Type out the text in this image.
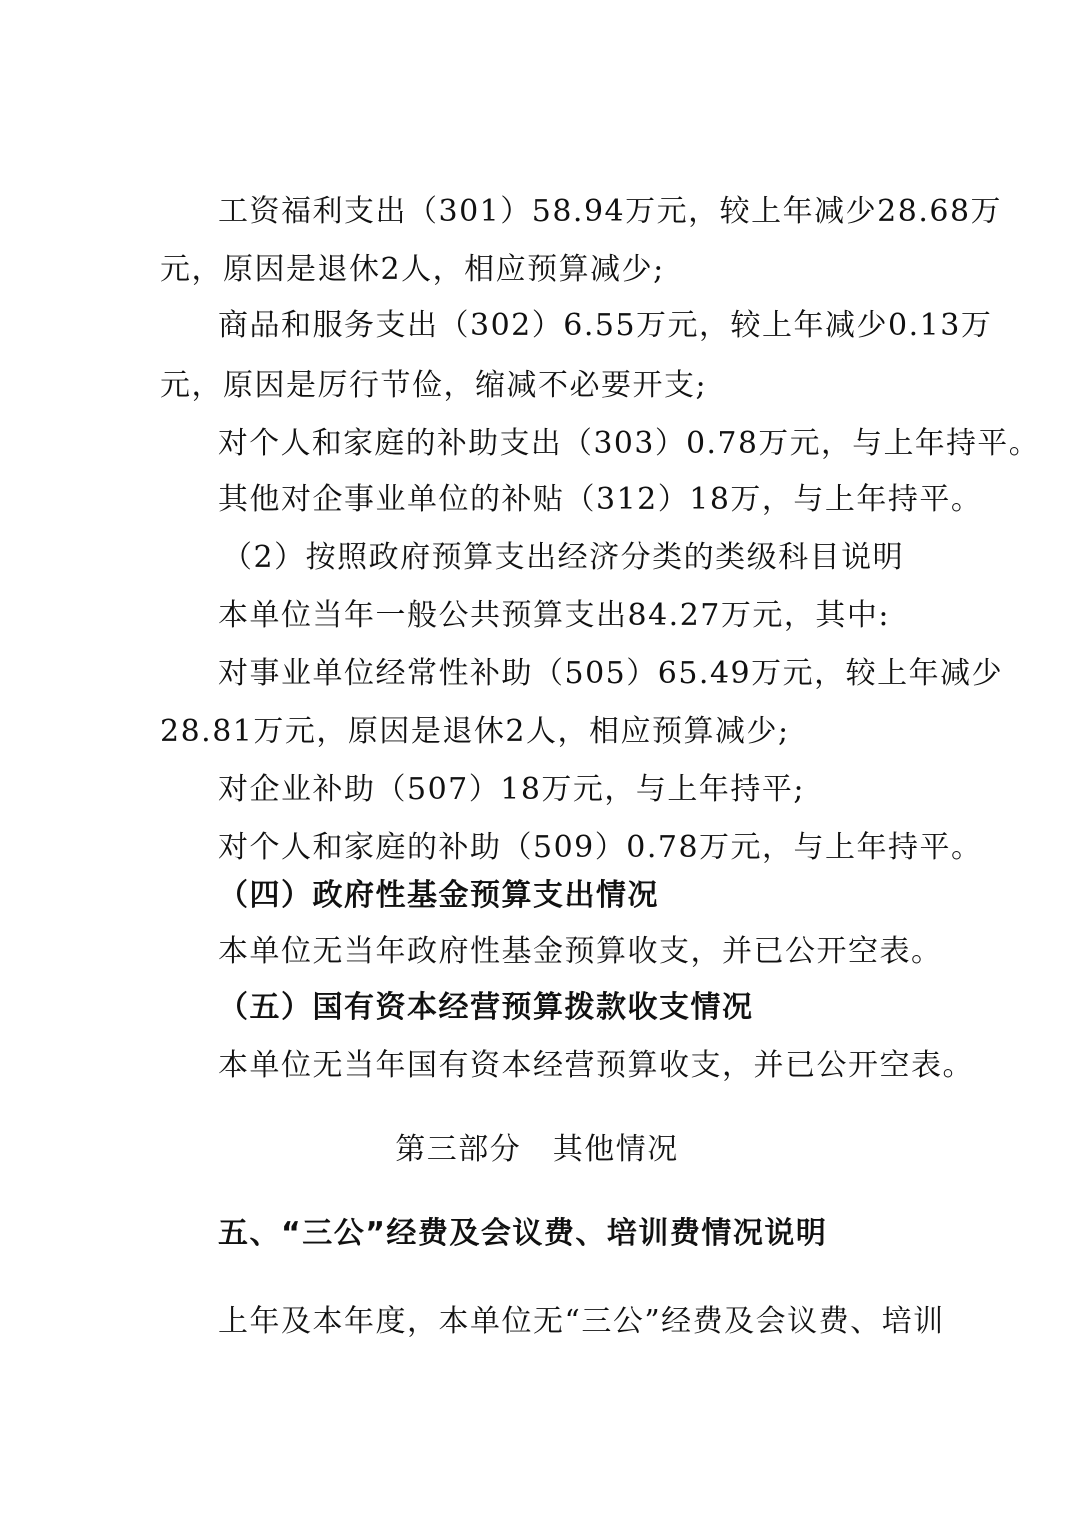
工资福利支出（301）58.94万元，较上年减少28.68万
元，原因是退休2人，相应预算减少;
商品和服务支出（302）6.55万元，较上年减少0.13万
元，原因是厉行节俭，缩减不必要开支;
对个人和家庭的补助支出（303）0.78万元，与上年持平。
其他对企事业单位的补贴（312）18万，与上年持平。
（2）按照政府预算支出经济分类的类级科目说明
本单位当年一般公共预算支出84.27万元，其中:
对事业单位经常性补助（505）65.49万元，较上年减少
28.81万元，原因是退休2人，相应预算减少;
对企业补助（507）18万元，与上年持平;
对个人和家庭的补助（509）0.78万元，与上年持平。
（四）政府性基金预算支出情况
本单位无当年政府性基金预算收支，并已公开空表。
（五）国有资本经营预算拨款收支情况
本单位无当年国有资本经营预算收支，并已公开空表。
第三部分　其他情况
五、“三公”经费及会议费、培训费情况说明
上年及本年度，本单位无“三公”经费及会议费、培训
